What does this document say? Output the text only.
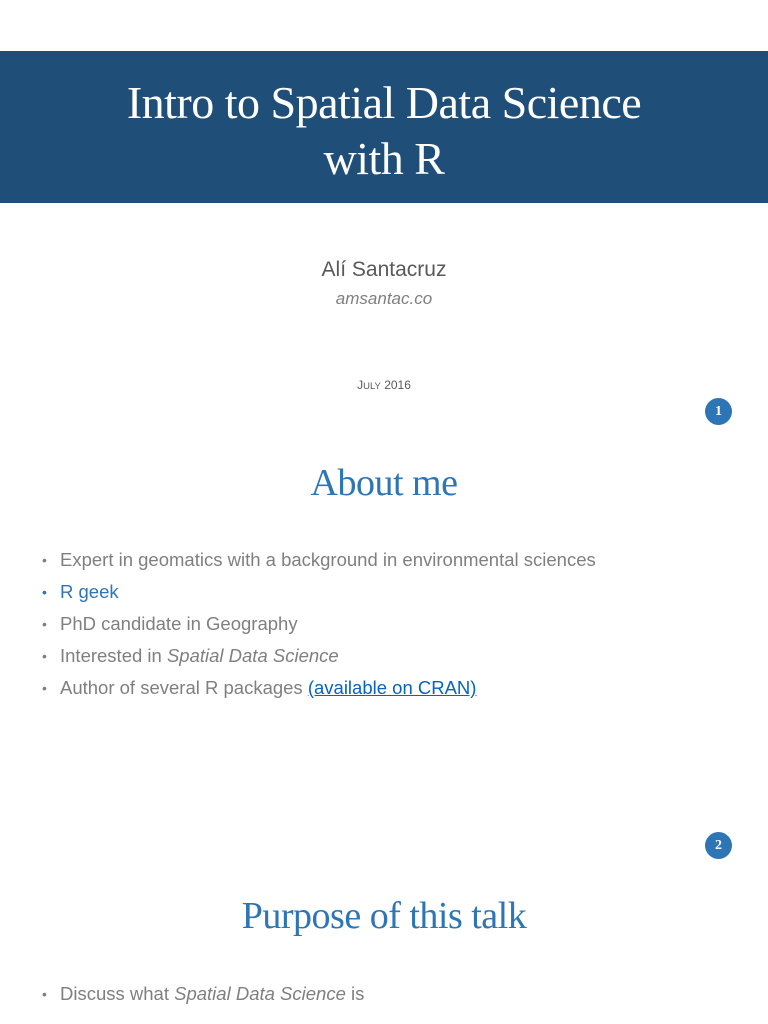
Intro to Spatial Data Science
with R
Alí Santacruz
amsantac.co
JULY 2016
1
About me
• Expert in geomatics with a background in environmental sciences
• R geek
• PhD candidate in Geography
• Interested in Spatial Data Science
• Author of several R packages (available on CRAN)
2
Purpose of this talk
• Discuss what Spatial Data Science is
